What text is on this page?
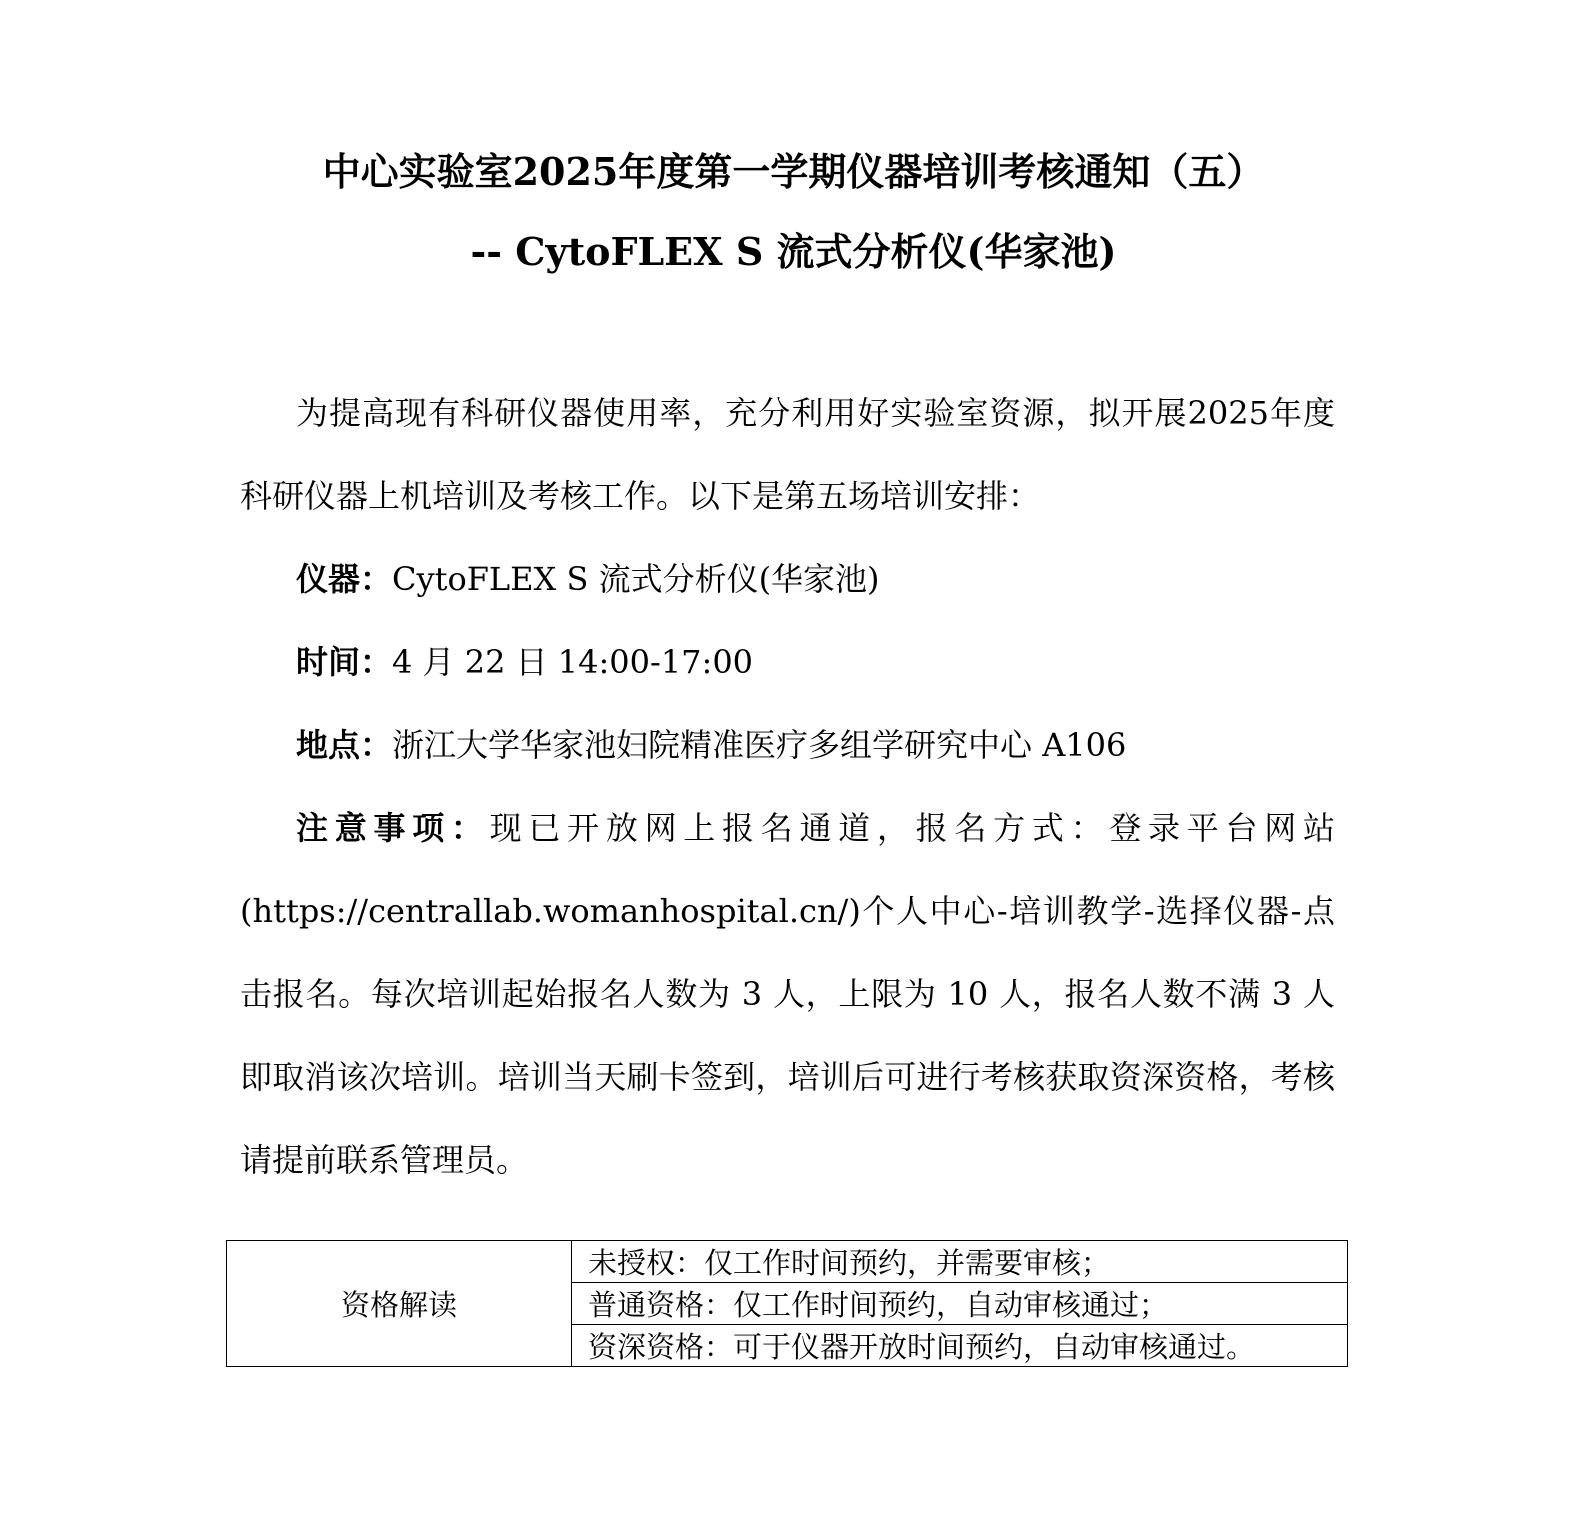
中心实验室2025年度第一学期仪器培训考核通知（五）
-- CytoFLEX S 流式分析仪(华家池)

为提高现有科研仪器使用率，充分利用好实验室资源，拟开展2025年度科研仪器上机培训及考核工作。以下是第五场培训安排：

仪器：CytoFLEX S 流式分析仪(华家池)

时间：4 月 22 日 14:00-17:00

地点：浙江大学华家池妇院精准医疗多组学研究中心 A106

注意事项：现已开放网上报名通道，报名方式：登录平台网站(https://centrallab.womanhospital.cn/)个人中心-培训教学-选择仪器-点击报名。每次培训起始报名人数为 3 人，上限为 10 人，报名人数不满 3 人即取消该次培训。培训当天刷卡签到，培训后可进行考核获取资深资格，考核请提前联系管理员。

资格解读	未授权：仅工作时间预约，并需要审核；
普通资格：仅工作时间预约，自动审核通过；
资深资格：可于仪器开放时间预约，自动审核通过。
